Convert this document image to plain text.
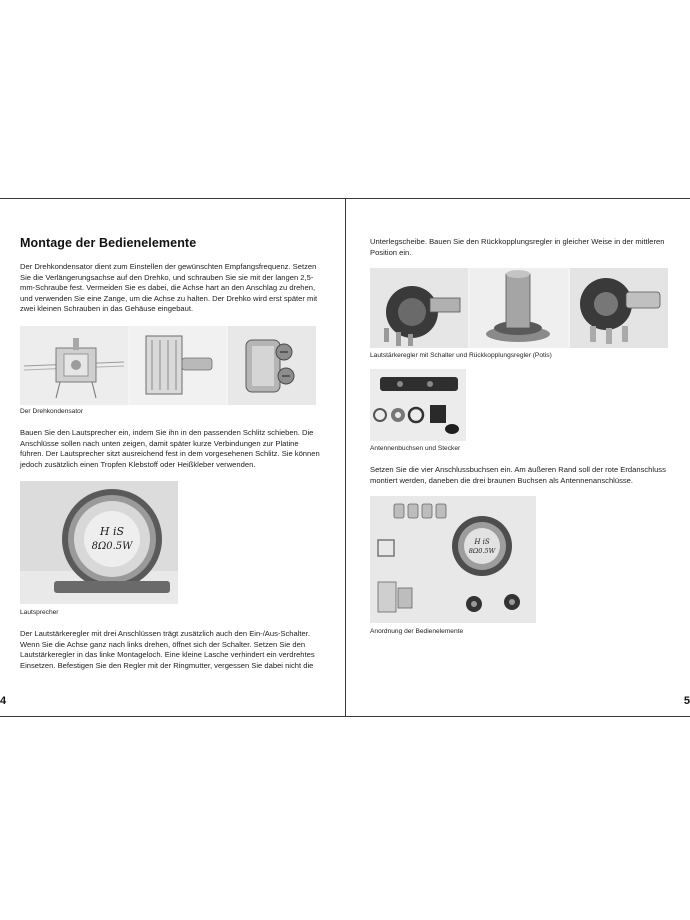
Montage der Bedienelemente
Der Drehkondensator dient zum Einstellen der gewünschten Empfangsfrequenz. Setzen Sie die Verlängerungsachse auf den Drehko, und schrauben Sie sie mit der langen 2,5-mm-Schraube fest. Vermeiden Sie es dabei, die Achse hart an den Anschlag zu drehen, und verwenden Sie eine Zange, um die Achse zu halten. Der Drehko wird erst später mit zwei kleinen Schrauben in das Gehäuse eingebaut.
Der Drehkondensator
Bauen Sie den Lautsprecher ein, indem Sie ihn in den passenden Schlitz schieben. Die Anschlüsse sollen nach unten zeigen, damit später kurze Verbindungen zur Platine führen. Der Lautsprecher sitzt ausreichend fest in dem vorgesehenen Schlitz. Sie können jedoch zusätzlich einen Tropfen Klebstoff oder Heißkleber verwenden.
H iS
8Ω0.5W
Lautsprecher
Der Lautstärkeregler mit drei Anschlüssen trägt zusätzlich auch den Ein-/Aus-Schalter. Wenn Sie die Achse ganz nach links drehen, öffnet sich der Schalter. Setzen Sie den Lautstärkeregler in das linke Montageloch. Eine kleine Lasche verhindert ein verdrehtes Einsetzen. Befestigen Sie den Regler mit der Ringmutter, vergessen Sie dabei nicht die
4
Unterlegscheibe. Bauen Sie den Rückkopplungsregler in gleicher Weise in der mittleren Position ein.
Lautstärkeregler mit Schalter und Rückkopplungsregler (Potis)
Antennenbuchsen und Stecker
Setzen Sie die vier Anschlussbuchsen ein. Am äußeren Rand soll der rote Erdanschluss montiert werden, daneben die drei braunen Buchsen als Antennenanschlüsse.
H iS
8Ω0.5W
Anordnung der Bedienelemente
5
